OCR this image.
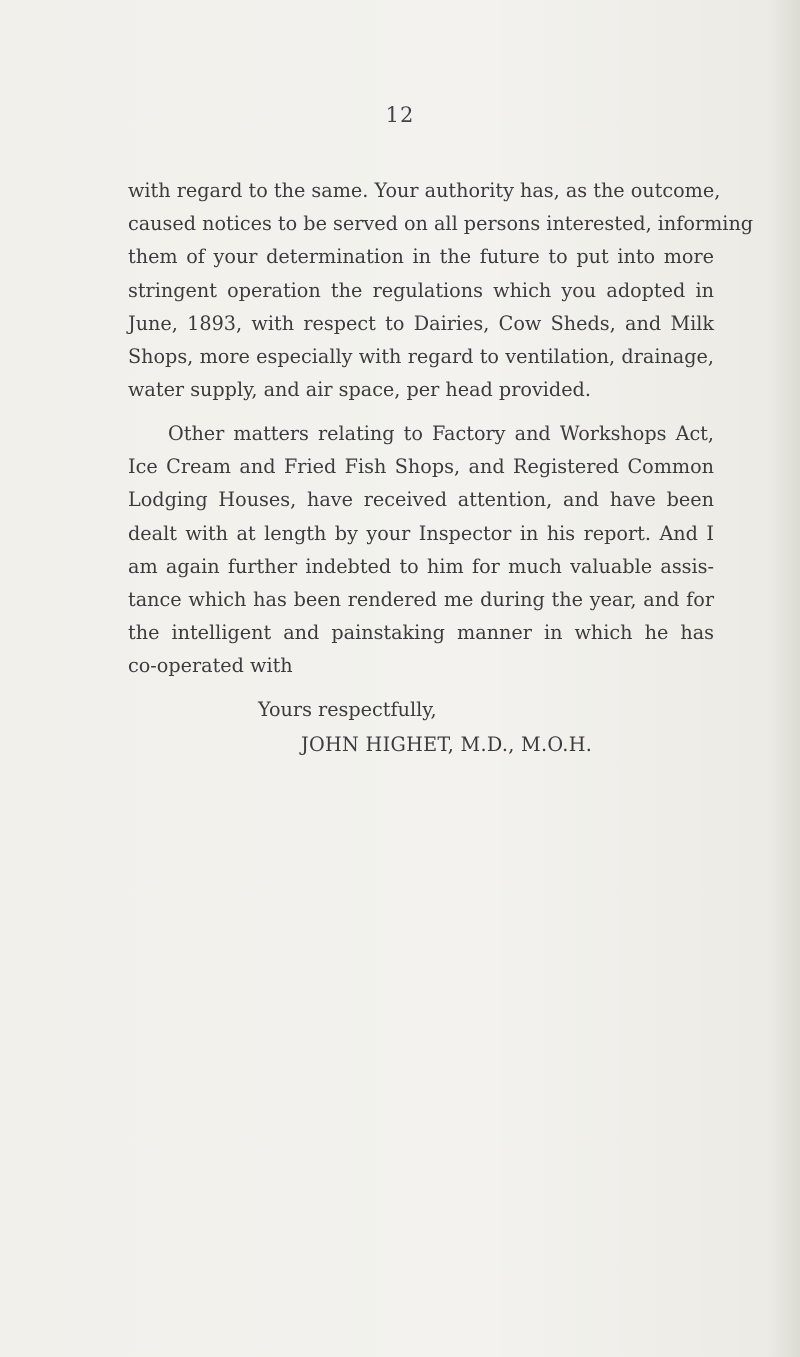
12
with regard to the same. Your authority has, as the outcome,
caused notices to be served on all persons interested, informing
them of your determination in the future to put into more
stringent operation the regulations which you adopted in
June, 1893, with respect to Dairies, Cow Sheds, and Milk
Shops, more especially with regard to ventilation, drainage,
water supply, and air space, per head provided.
Other matters relating to Factory and Workshops Act,
Ice Cream and Fried Fish Shops, and Registered Common
Lodging Houses, have received attention, and have been
dealt with at length by your Inspector in his report. And I
am again further indebted to him for much valuable assis-
tance which has been rendered me during the year, and for
the intelligent and painstaking manner in which he has
co-operated with
Yours respectfully,
JOHN HIGHET, M.D., M.O.H.
